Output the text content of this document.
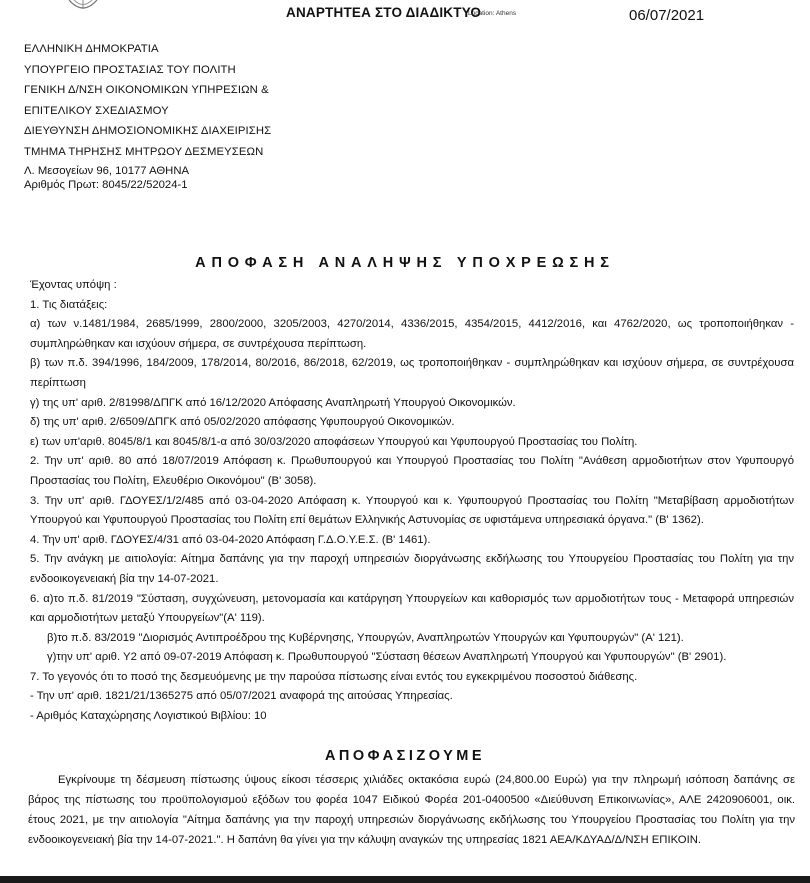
ΑΝΑΡΤΗΤΕΑ ΣΤΟ ΔΙΑΔΙΚΤΥΟ
Location: Athens	06/07/2021
ΕΛΛΗΝΙΚΗ ΔΗΜΟΚΡΑΤΙΑ
ΥΠΟΥΡΓΕΙΟ ΠΡΟΣΤΑΣΙΑΣ ΤΟΥ ΠΟΛΙΤΗ
ΓΕΝΙΚΗ Δ/ΝΣΗ ΟΙΚΟΝΟΜΙΚΩΝ ΥΠΗΡΕΣΙΩΝ &
ΕΠΙΤΕΛΙΚΟΥ ΣΧΕΔΙΑΣΜΟΥ
ΔΙΕΥΘΥΝΣΗ ΔΗΜΟΣΙΟΝΟΜΙΚΗΣ ΔΙΑΧΕΙΡΙΣΗΣ
ΤΜΗΜΑ ΤΗΡΗΣΗΣ ΜΗΤΡΩΟΥ ΔΕΣΜΕΥΣΕΩΝ
Λ. Μεσογείων 96, 10177 ΑΘΗΝΑ
Αριθμός Πρωτ: 8045/22/52024-1
ΑΠΟΦΑΣΗ ΑΝΑΛΗΨΗΣ ΥΠΟΧΡΕΩΣΗΣ

Έχοντας υπόψη :

1. Τις διατάξεις:

α) των ν.1481/1984, 2685/1999, 2800/2000, 3205/2003, 4270/2014, 4336/2015, 4354/2015, 4412/2016, και 4762/2020, ως τροποποιήθηκαν - συμπληρώθηκαν και ισχύουν σήμερα, σε συντρέχουσα περίπτωση.

β) των π.δ. 394/1996, 184/2009, 178/2014, 80/2016, 86/2018, 62/2019, ως τροποποιήθηκαν - συμπληρώθηκαν και ισχύουν σήμερα, σε συντρέχουσα περίπτωση

γ) της υπ' αριθ. 2/81998/ΔΠΓΚ από 16/12/2020 Απόφασης Αναπληρωτή Υπουργού Οικονομικών.

δ) της υπ' αριθ. 2/6509/ΔΠΓΚ από 05/02/2020 απόφασης Υφυπουργού Οικονομικών.

ε) των υπ'αριθ. 8045/8/1 και 8045/8/1-α από 30/03/2020 αποφάσεων Υπουργού και Υφυπουργού Προστασίας του Πολίτη.

2. Την υπ' αριθ. 80 από 18/07/2019 Απόφαση κ. Πρωθυπουργού και Υπουργού Προστασίας του Πολίτη "Ανάθεση αρμοδιοτήτων στον Υφυπουργό Προστασίας του Πολίτη, Ελευθέριο Οικονόμου" (Β' 3058).

3. Την υπ' αριθ. ΓΔΟΥΕΣ/1/2/485 από 03-04-2020 Απόφαση κ. Υπουργού και κ. Υφυπουργού Προστασίας του Πολίτη "Μεταβίβαση αρμοδιοτήτων Υπουργού και Υφυπουργού Προστασίας του Πολίτη επί θεμάτων Ελληνικής Αστυνομίας σε υφιστάμενα υπηρεσιακά όργανα." (Β' 1362).

4. Την υπ' αριθ. ΓΔΟΥΕΣ/4/31 από 03-04-2020 Απόφαση Γ.Δ.Ο.Υ.Ε.Σ. (Β' 1461).

5. Την ανάγκη με αιτιολογία: Αίτημα δαπάνης για την παροχή υπηρεσιών διοργάνωσης εκδήλωσης του Υπουργείου Προστασίας του Πολίτη για την ενδοοικογενειακή βία την 14-07-2021.

6. α)το π.δ. 81/2019 "Σύσταση, συγχώνευση, μετονομασία και κατάργηση Υπουργείων και καθορισμός των αρμοδιοτήτων τους - Μεταφορά υπηρεσιών και αρμοδιοτήτων μεταξύ Υπουργείων"(Α' 119).

β)το π.δ. 83/2019 "Διορισμός Αντιπροέδρου της Κυβέρνησης, Υπουργών, Αναπληρωτών Υπουργών και Υφυπουργών" (Α' 121).

γ)την υπ' αριθ. Υ2 από 09-07-2019 Απόφαση κ. Πρωθυπουργού "Σύσταση θέσεων Αναπληρωτή Υπουργού και Υφυπουργών" (Β' 2901).

7. Το γεγονός ότι το ποσό της δεσμευόμενης με την παρούσα πίστωσης είναι εντός του εγκεκριμένου ποσοστού διάθεσης.

- Την υπ' αριθ. 1821/21/1365275 από 05/07/2021 αναφορά της αιτούσας Υπηρεσίας.

- Αριθμός Καταχώρησης Λογιστικού Βιβλίου: 10

ΑΠΟΦΑΣΙΖΟΥΜΕ
Εγκρίνουμε τη δέσμευση πίστωσης ύψους είκοσι τέσσερις χιλιάδες οκτακόσια ευρώ (24,800.00 Ευρώ) για την πληρωμή ισόποση δαπάνης σε βάρος της πίστωσης του προϋπολογισμού εξόδων του φορέα 1047 Ειδικού Φορέα 201-0400500 «Διεύθυνση Επικοινωνίας», ΑΛΕ 2420906001, οικ. έτους 2021, με την αιτιολογία "Αίτημα δαπάνης για την παροχή υπηρεσιών διοργάνωσης εκδήλωσης του Υπουργείου Προστασίας του Πολίτη για την ενδοοικογενειακή βία την 14-07-2021.". Η δαπάνη θα γίνει για την κάλυψη αναγκών της υπηρεσίας 1821 ΑΕΑ/ΚΔΥΑΔ/Δ/ΝΣΗ ΕΠΙΚΟΙΝ.
